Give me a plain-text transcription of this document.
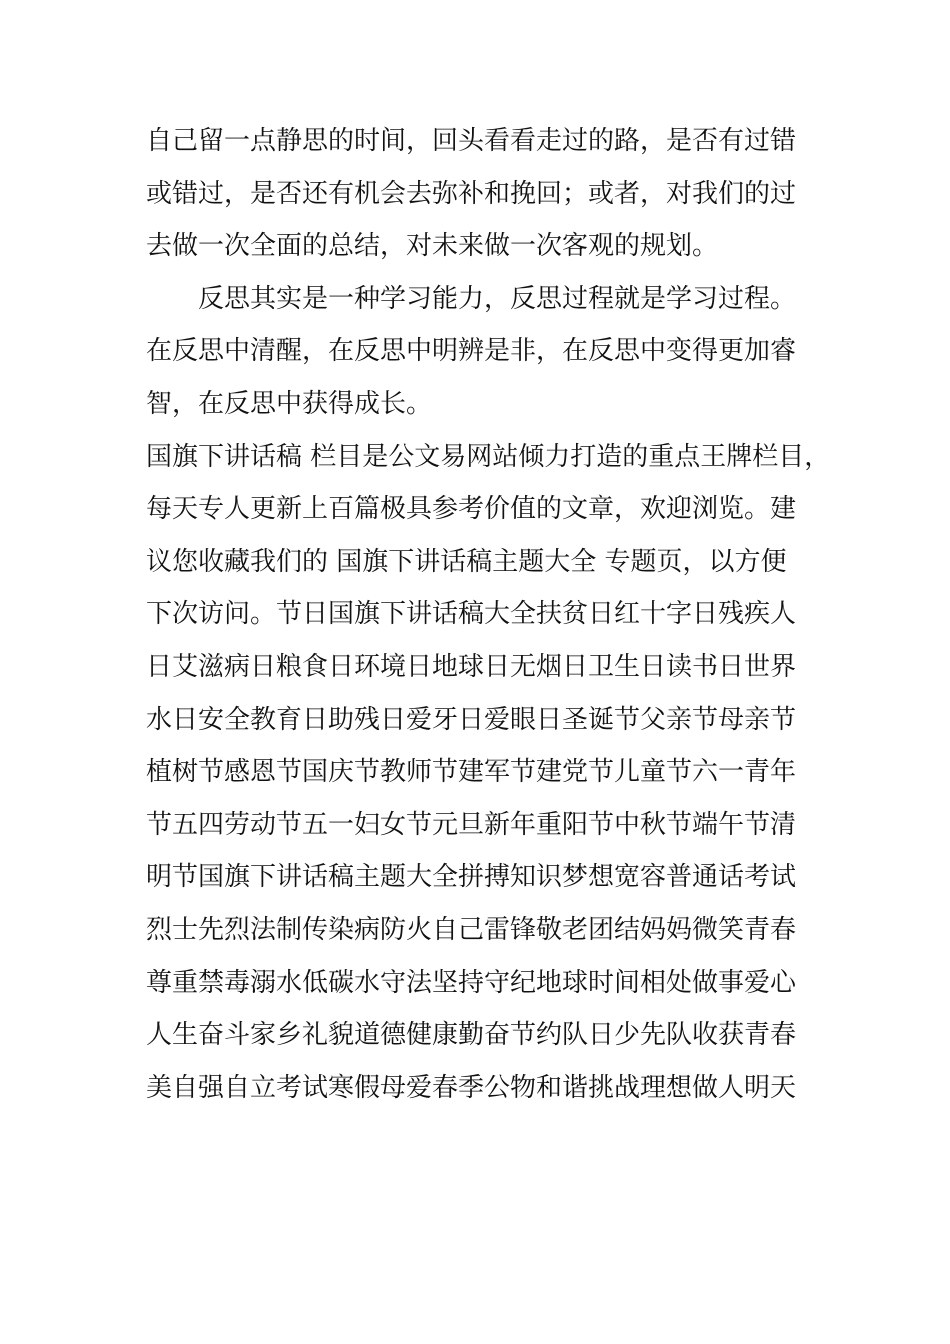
自己留一点静思的时间，回头看看走过的路，是否有过错
或错过，是否还有机会去弥补和挽回；或者，对我们的过
去做一次全面的总结，对未来做一次客观的规划。
反思其实是一种学习能力，反思过程就是学习过程。
在反思中清醒，在反思中明辨是非，在反思中变得更加睿
智，在反思中获得成长。
国旗下讲话稿 栏目是公文易网站倾力打造的重点王牌栏目，
每天专人更新上百篇极具参考价值的文章，欢迎浏览。建
议您收藏我们的 国旗下讲话稿主题大全 专题页，以方便
下次访问。节日国旗下讲话稿大全扶贫日红十字日残疾人
日艾滋病日粮食日环境日地球日无烟日卫生日读书日世界
水日安全教育日助残日爱牙日爱眼日圣诞节父亲节母亲节
植树节感恩节国庆节教师节建军节建党节儿童节六一青年
节五四劳动节五一妇女节元旦新年重阳节中秋节端午节清
明节国旗下讲话稿主题大全拼搏知识梦想宽容普通话考试
烈士先烈法制传染病防火自己雷锋敬老团结妈妈微笑青春
尊重禁毒溺水低碳水守法坚持守纪地球时间相处做事爱心
人生奋斗家乡礼貌道德健康勤奋节约队日少先队收获青春
美自强自立考试寒假母爱春季公物和谐挑战理想做人明天
